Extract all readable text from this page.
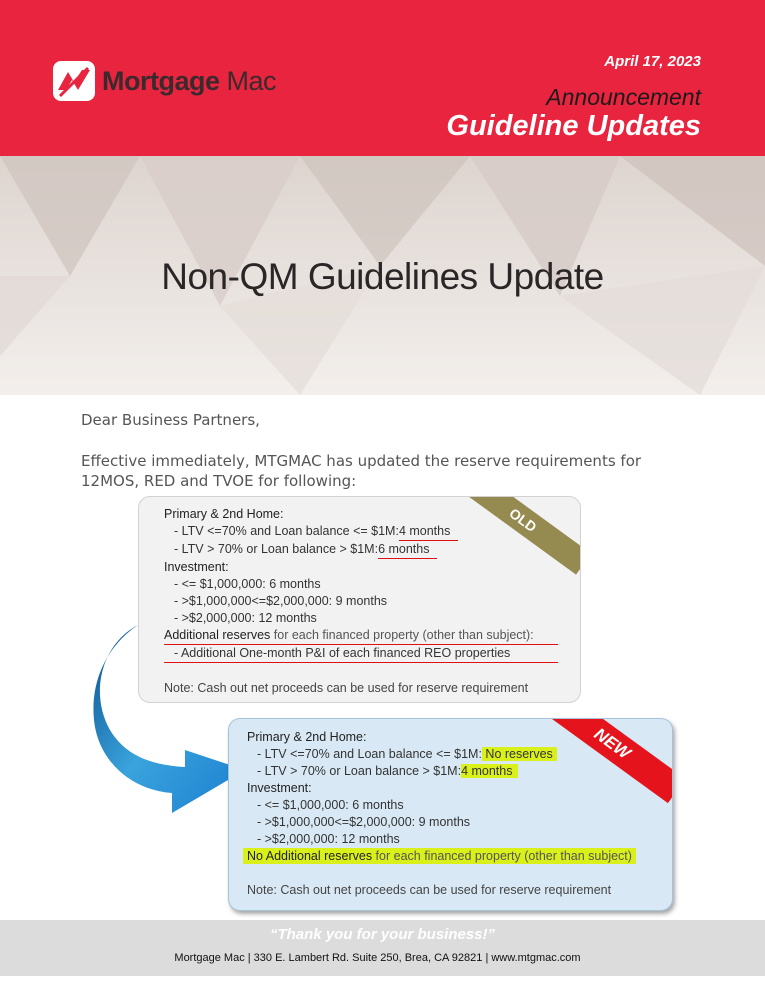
Mortgage Mac
April 17, 2023
Announcement
Guideline Updates
Non-QM Guidelines Update
Dear Business Partners,
Effective immediately, MTGMAC has updated the reserve requirements for 12MOS, RED and TVOE for following:
OLD
Primary & 2nd Home:
- LTV <=70% and Loan balance <= $1M:4 months
- LTV > 70% or Loan balance > $1M:6 months
Investment:
- <= $1,000,000: 6 months
- >$1,000,000<=$2,000,000: 9 months
- >$2,000,000: 12 months
Additional reserves for each financed property (other than subject):
- Additional One-month P&I of each financed REO properties
Note: Cash out net proceeds can be used for reserve requirement
NEW
Primary & 2nd Home:
- LTV <=70% and Loan balance <= $1M: No reserves
- LTV > 70% or Loan balance > $1M:4 months
Investment:
- <= $1,000,000: 6 months
- >$1,000,000<=$2,000,000: 9 months
- >$2,000,000: 12 months
No Additional reserves for each financed property (other than subject)
Note: Cash out net proceeds can be used for reserve requirement
“Thank you for your business!”
Mortgage Mac | 330 E. Lambert Rd. Suite 250, Brea, CA 92821 | www.mtgmac.com
